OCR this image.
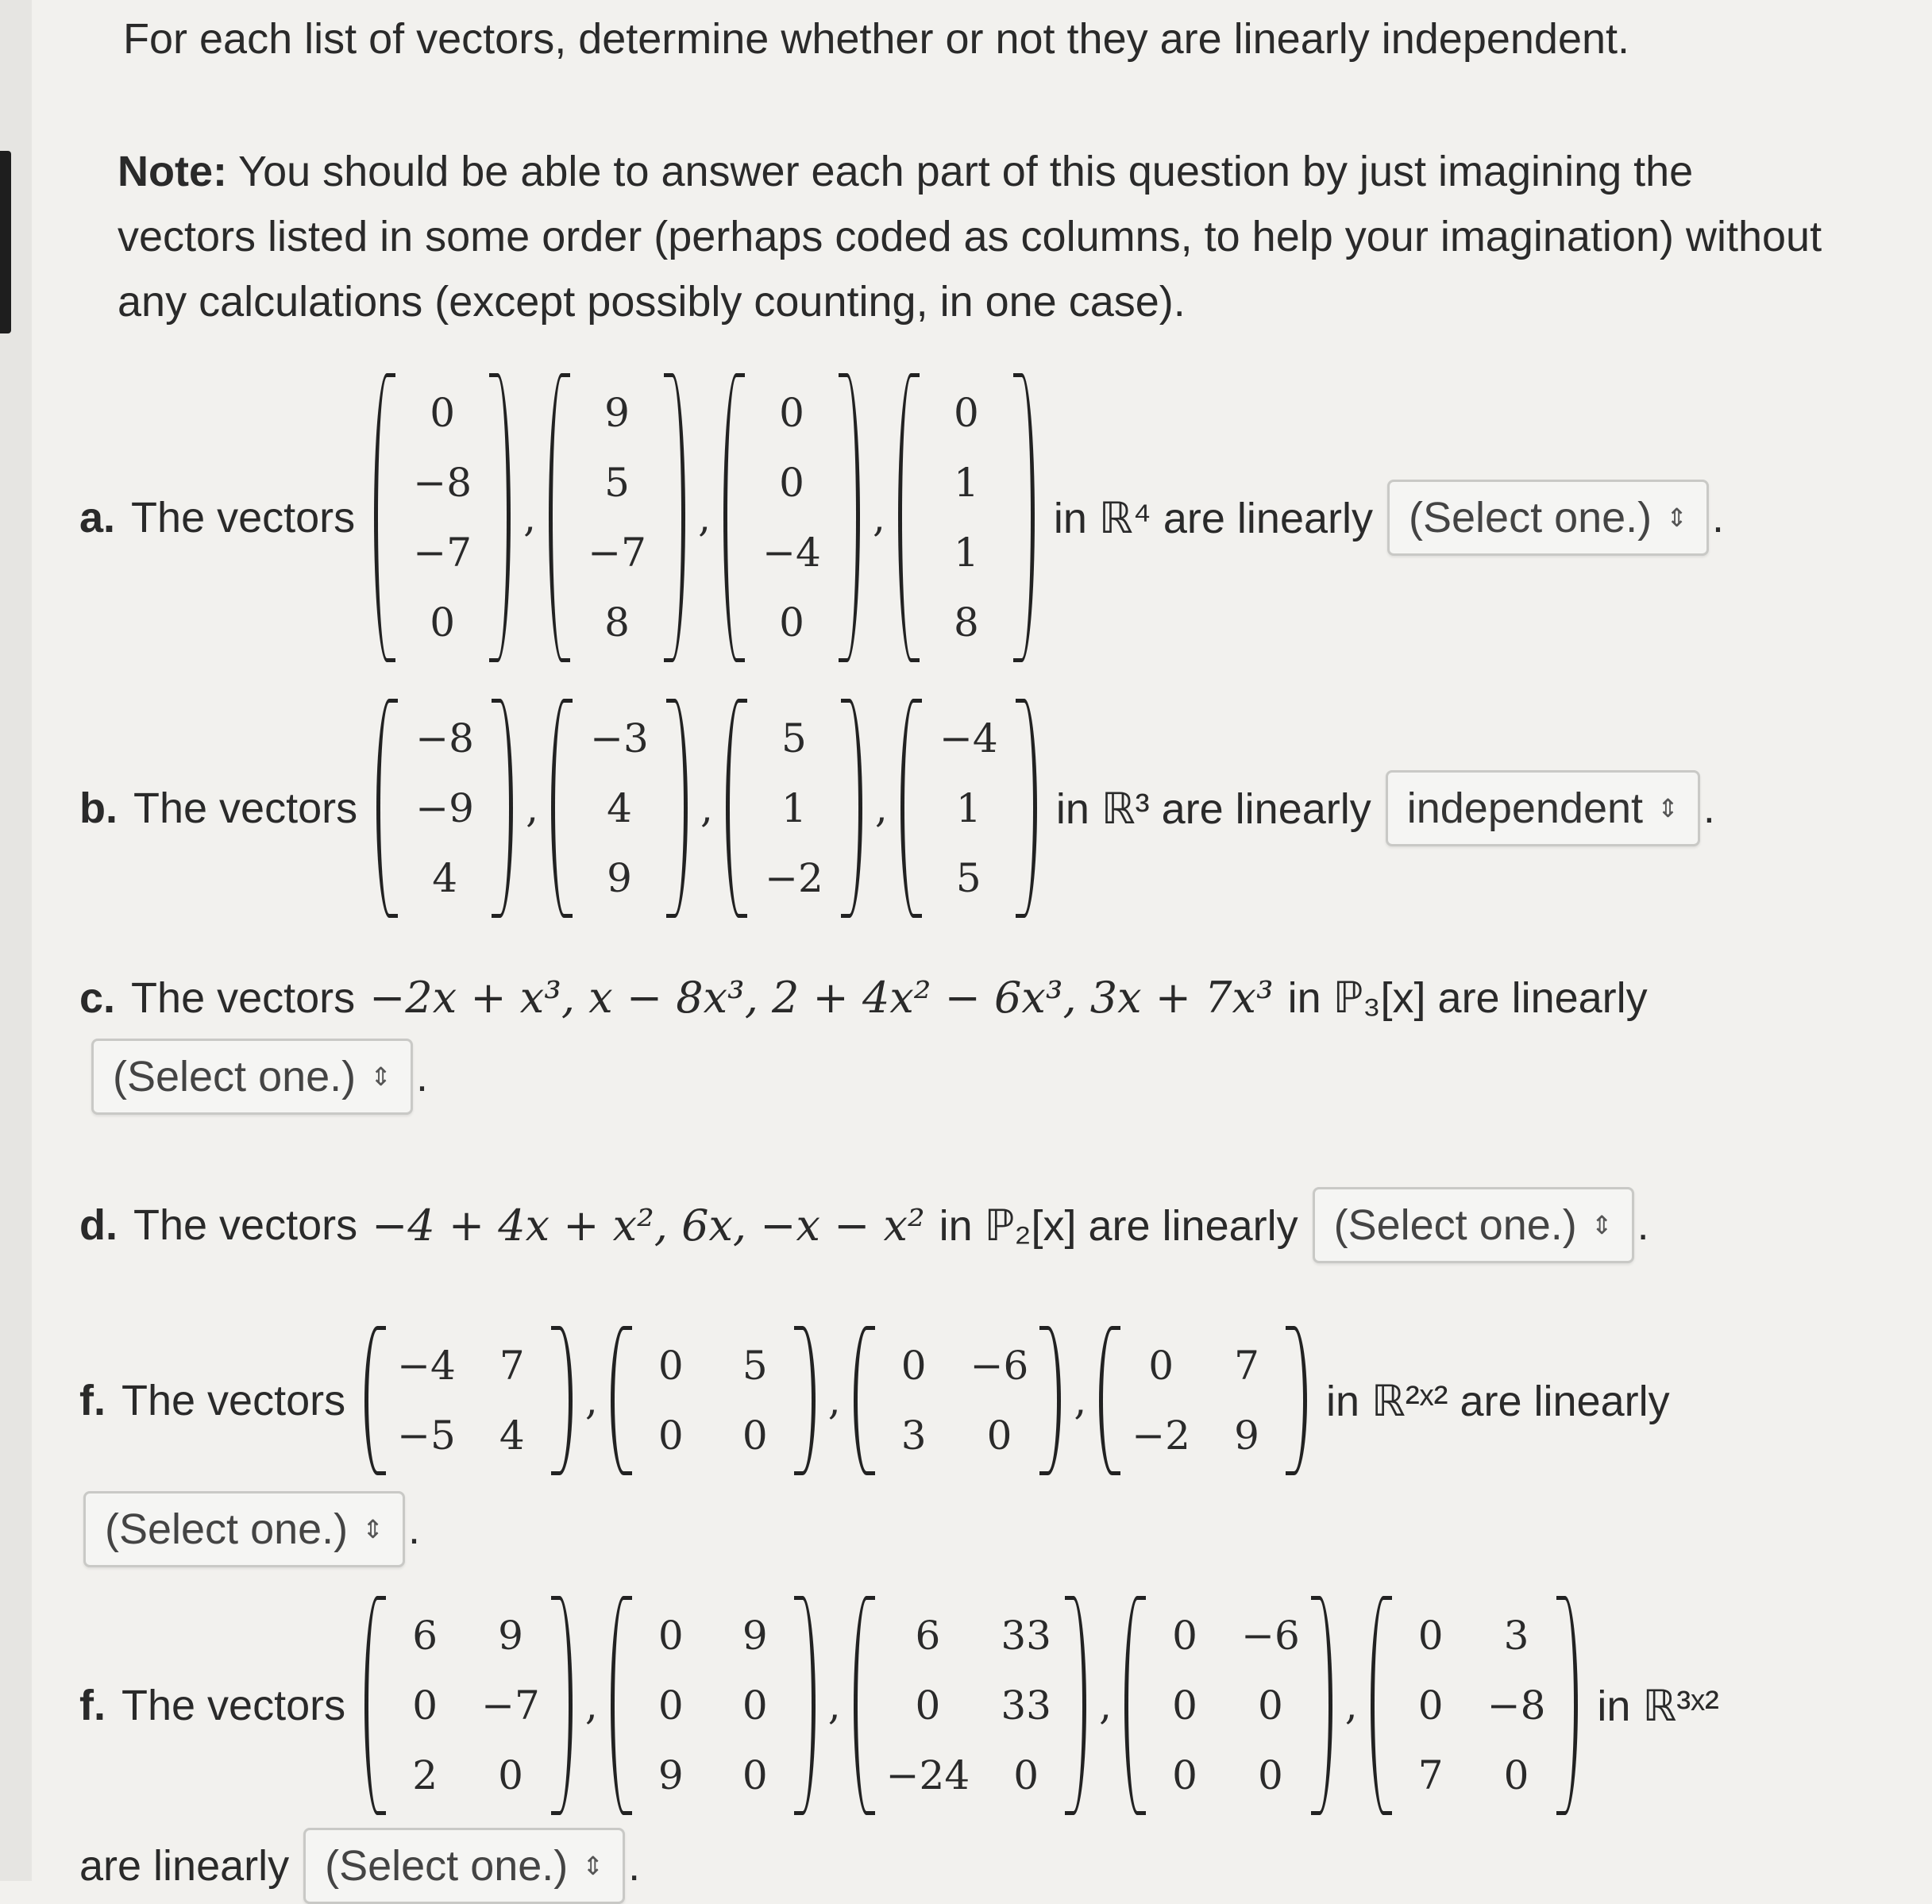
For each list of vectors, determine whether or not they are linearly independent.
Note: You should be able to answer each part of this question by just imagining the vectors listed in some order (perhaps coded as columns, to help your imagination) without any calculations (except possibly counting, in one case).
a. The vectors
0
−8
−7
0
,
9
5
−7
8
,
0
0
−4
0
,
0
1
1
8
in ℝ⁴ are linearly (Select one.) ⇕ .
b. The vectors
−8
−9
4
,
−3
4
9
,
5
1
−2
,
−4
1
5
in ℝ³ are linearly independent ⇕ .
c. The vectors −2x + x³, x − 8x³, 2 + 4x² − 6x³, 3x + 7x³ in ℙ₃[x] are linearly
(Select one.) ⇕ .
d. The vectors −4 + 4x + x², 6x, −x − x² in ℙ₂[x] are linearly (Select one.) ⇕ .
f. The vectors
−4	7
−5	4
,
0	5
0	0
,
0	−6
3	0
,
0	7
−2	9
in ℝ²ˣ² are linearly
(Select one.) ⇕ .
f. The vectors
6	9
0	−7
2	0
,
0	9
0	0
9	0
,
6	33
0	33
−24	0
,
0	−6
0	0
0	0
,
0	3
0	−8
7	0
in ℝ³ˣ²
are linearly (Select one.) ⇕ .
